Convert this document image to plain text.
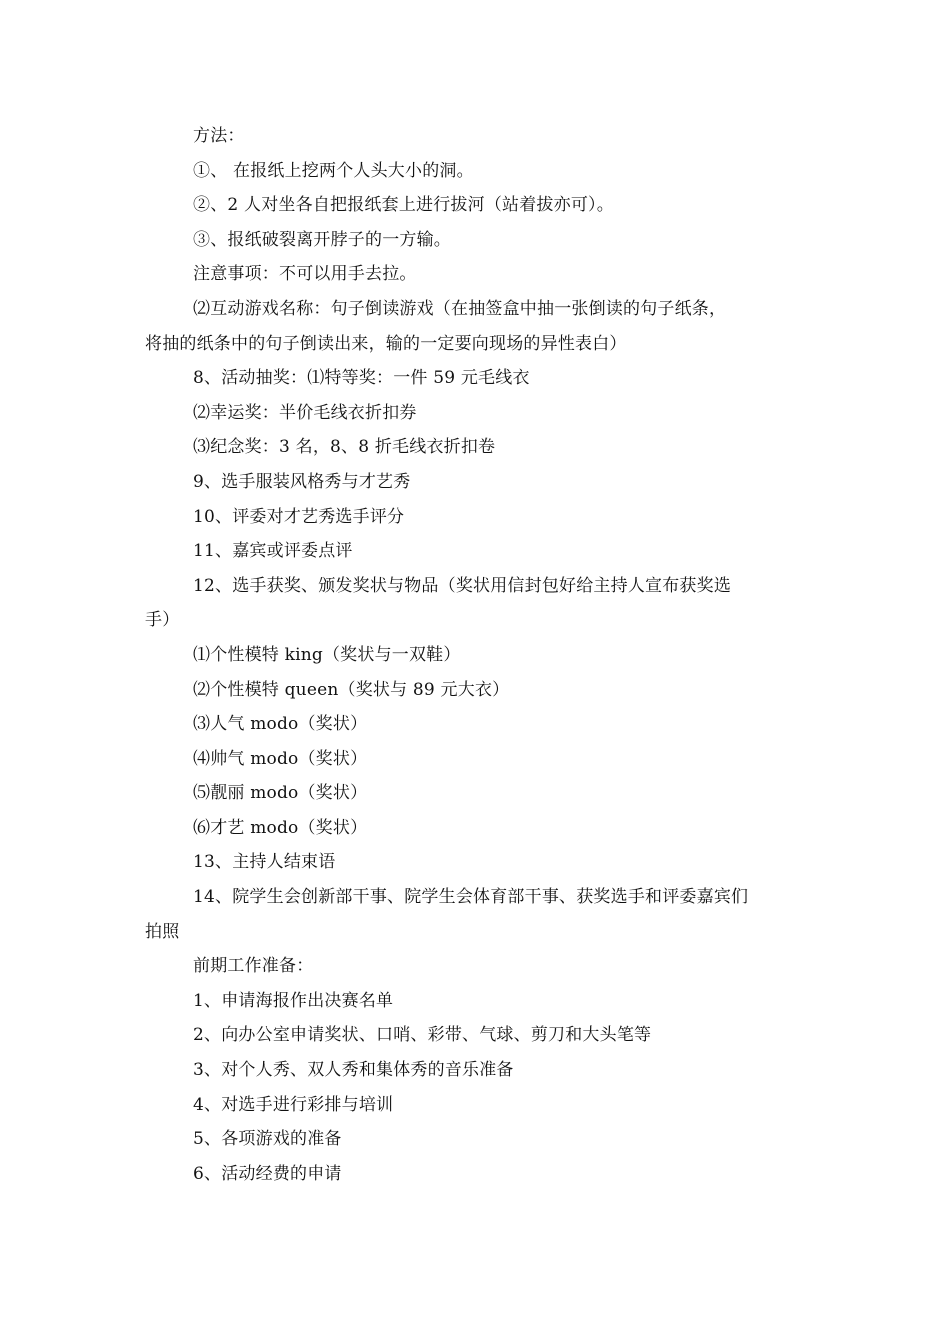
方法：
①、 在报纸上挖两个人头大小的洞。
②、2 人对坐各自把报纸套上进行拔河（站着拔亦可）。
③、报纸破裂离开脖子的一方输。
注意事项：不可以用手去拉。
⑵互动游戏名称：句子倒读游戏（在抽签盒中抽一张倒读的句子纸条，
将抽的纸条中的句子倒读出来，输的一定要向现场的异性表白）
8、活动抽奖：⑴特等奖：一件 59 元毛线衣
⑵幸运奖：半价毛线衣折扣券
⑶纪念奖：3 名，8、8 折毛线衣折扣卷
9、选手服装风格秀与才艺秀
10、评委对才艺秀选手评分
11、嘉宾或评委点评
12、选手获奖、颁发奖状与物品（奖状用信封包好给主持人宣布获奖选
手）
⑴个性模特 king（奖状与一双鞋）
⑵个性模特 queen（奖状与 89 元大衣）
⑶人气 modo（奖状）
⑷帅气 modo（奖状）
⑸靓丽 modo（奖状）
⑹才艺 modo（奖状）
13、主持人结束语
14、院学生会创新部干事、院学生会体育部干事、获奖选手和评委嘉宾们
拍照
前期工作准备：
1、申请海报作出决赛名单
2、向办公室申请奖状、口哨、彩带、气球、剪刀和大头笔等
3、对个人秀、双人秀和集体秀的音乐准备
4、对选手进行彩排与培训
5、各项游戏的准备
6、活动经费的申请
